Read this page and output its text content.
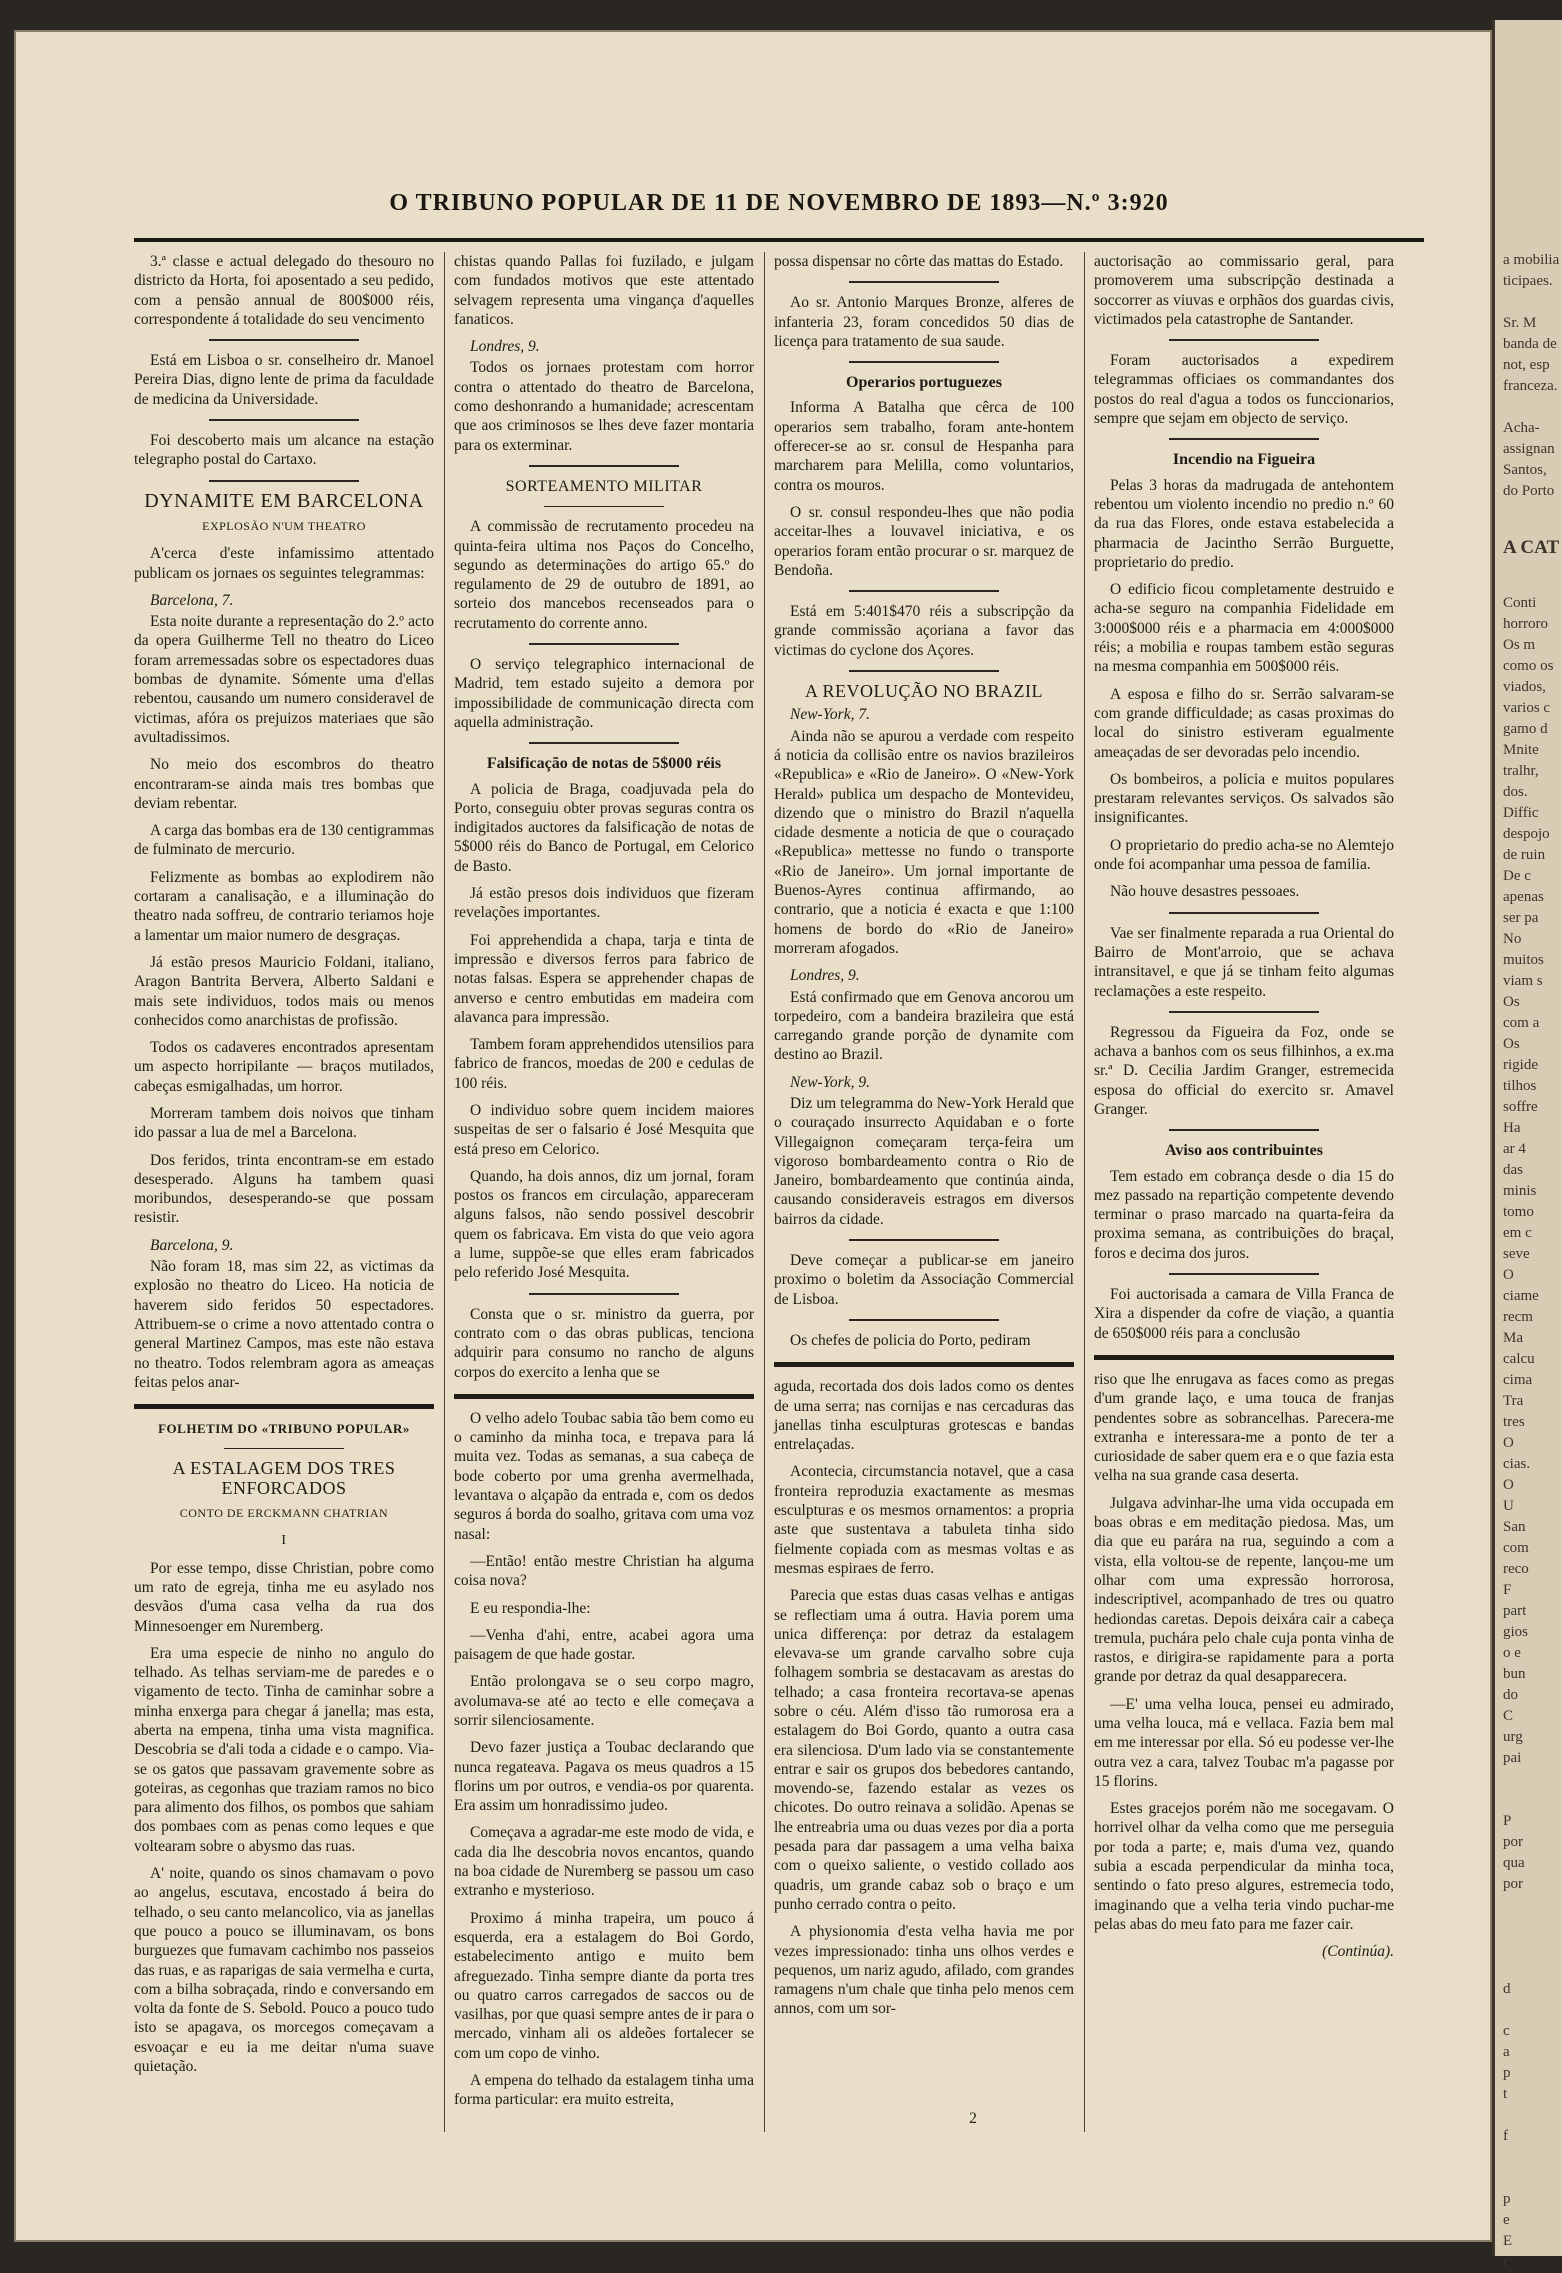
O TRIBUNO POPULAR DE 11 DE NOVEMBRO DE 1893—N.º 3:920

3.ª classe e actual delegado do thesouro no districto da Horta, foi aposentado a seu pedido, com a pensão annual de 800$000 réis, correspondente á totalidade do seu vencimento

Está em Lisboa o sr. conselheiro dr. Manoel Pereira Dias, digno lente de prima da faculdade de medicina da Universidade.

Foi descoberto mais um alcance na estação telegrapho postal do Cartaxo.

DYNAMITE EM BARCELONA
EXPLOSÃO N'UM THEATRO

A'cerca d'este infamissimo attentado publicam os jornaes os seguintes telegrammas:

Barcelona, 7.

Esta noite durante a representação do 2.º acto da opera Guilherme Tell no theatro do Liceo foram arremessadas sobre os espectadores duas bombas de dynamite. Sómente uma d'ellas rebentou, causando um numero consideravel de victimas, afóra os prejuizos materiaes que são avultadissimos.

No meio dos escombros do theatro encontraram-se ainda mais tres bombas que deviam rebentar.

A carga das bombas era de 130 centigrammas de fulminato de mercurio.

Felizmente as bombas ao explodirem não cortaram a canalisação, e a illuminação do theatro nada soffreu, de contrario teriamos hoje a lamentar um maior numero de desgraças.

Já estão presos Mauricio Foldani, italiano, Aragon Bantrita Bervera, Alberto Saldani e mais sete individuos, todos mais ou menos conhecidos como anarchistas de profissão.

Todos os cadaveres encontrados apresentam um aspecto horripilante — braços mutilados, cabeças esmigalhadas, um horror.

Morreram tambem dois noivos que tinham ido passar a lua de mel a Barcelona.

Dos feridos, trinta encontram-se em estado desesperado. Alguns ha tambem quasi moribundos, desesperando-se que possam resistir.

Barcelona, 9.

Não foram 18, mas sim 22, as victimas da explosão no theatro do Liceo. Ha noticia de haverem sido feridos 50 espectadores. Attribuem-se o crime a novo attentado contra o general Martinez Campos, mas este não estava no theatro. Todos relembram agora as ameaças feitas pelos anar-

FOLHETIM DO «TRIBUNO POPULAR»
A ESTALAGEM DOS TRES ENFORCADOS
CONTO DE ERCKMANN CHATRIAN
I

Por esse tempo, disse Christian, pobre como um rato de egreja, tinha me eu asylado nos desvãos d'uma casa velha da rua dos Minnesoenger em Nuremberg.

Era uma especie de ninho no angulo do telhado. As telhas serviam-me de paredes e o vigamento de tecto. Tinha de caminhar sobre a minha enxerga para chegar á janella; mas esta, aberta na empena, tinha uma vista magnifica. Descobria se d'ali toda a cidade e o campo. Via-se os gatos que passavam gravemente sobre as goteiras, as cegonhas que traziam ramos no bico para alimento dos filhos, os pombos que sahiam dos pombaes com as penas como leques e que voltearam sobre o abysmo das ruas.

A' noite, quando os sinos chamavam o povo ao angelus, escutava, encostado á beira do telhado, o seu canto melancolico, via as janellas que pouco a pouco se illuminavam, os bons burguezes que fumavam cachimbo nos passeios das ruas, e as raparigas de saia vermelha e curta, com a bilha sobraçada, rindo e conversando em volta da fonte de S. Sebold. Pouco a pouco tudo isto se apagava, os morcegos começavam a esvoaçar e eu ia me deitar n'uma suave quietação.

chistas quando Pallas foi fuzilado, e julgam com fundados motivos que este attentado selvagem representa uma vingança d'aquelles fanaticos.

Londres, 9.

Todos os jornaes protestam com horror contra o attentado do theatro de Barcelona, como deshonrando a humanidade; acrescentam que aos criminosos se lhes deve fazer montaria para os exterminar.

SORTEAMENTO MILITAR

A commissão de recrutamento procedeu na quinta-feira ultima nos Paços do Concelho, segundo as determinações do artigo 65.º do regulamento de 29 de outubro de 1891, ao sorteio dos mancebos recenseados para o recrutamento do corrente anno.

O serviço telegraphico internacional de Madrid, tem estado sujeito a demora por impossibilidade de communicação directa com aquella administração.

Falsificação de notas de 5$000 réis

A policia de Braga, coadjuvada pela do Porto, conseguiu obter provas seguras contra os indigitados auctores da falsificação de notas de 5$000 réis do Banco de Portugal, em Celorico de Basto.

Já estão presos dois individuos que fizeram revelações importantes.

Foi apprehendida a chapa, tarja e tinta de impressão e diversos ferros para fabrico de notas falsas. Espera se apprehender chapas de anverso e centro embutidas em madeira com alavanca para impressão.

Tambem foram apprehendidos utensilios para fabrico de francos, moedas de 200 e cedulas de 100 réis.

O individuo sobre quem incidem maiores suspeitas de ser o falsario é José Mesquita que está preso em Celorico.

Quando, ha dois annos, diz um jornal, foram postos os francos em circulação, appareceram alguns falsos, não sendo possivel descobrir quem os fabricava. Em vista do que veio agora a lume, suppõe-se que elles eram fabricados pelo referido José Mesquita.

Consta que o sr. ministro da guerra, por contrato com o das obras publicas, tenciona adquirir para consumo no rancho de alguns corpos do exercito a lenha que se

O velho adelo Toubac sabia tão bem como eu o caminho da minha toca, e trepava para lá muita vez. Todas as semanas, a sua cabeça de bode coberto por uma grenha avermelhada, levantava o alçapão da entrada e, com os dedos seguros á borda do soalho, gritava com uma voz nasal:

—Então! então mestre Christian ha alguma coisa nova?

E eu respondia-lhe:

—Venha d'ahi, entre, acabei agora uma paisagem de que hade gostar.

Então prolongava se o seu corpo magro, avolumava-se até ao tecto e elle começava a sorrir silenciosamente.

Devo fazer justiça a Toubac declarando que nunca regateava. Pagava os meus quadros a 15 florins um por outros, e vendia-os por quarenta. Era assim um honradissimo judeo.

Começava a agradar-me este modo de vida, e cada dia lhe descobria novos encantos, quando na boa cidade de Nuremberg se passou um caso extranho e mysterioso.

Proximo á minha trapeira, um pouco á esquerda, era a estalagem do Boi Gordo, estabelecimento antigo e muito bem afreguezado. Tinha sempre diante da porta tres ou quatro carros carregados de saccos ou de vasilhas, por que quasi sempre antes de ir para o mercado, vinham ali os aldeões fortalecer se com um copo de vinho.

A empena do telhado da estalagem tinha uma forma particular: era muito estreita,

possa dispensar no côrte das mattas do Estado.

Ao sr. Antonio Marques Bronze, alferes de infanteria 23, foram concedidos 50 dias de licença para tratamento de sua saude.

Operarios portuguezes

Informa A Batalha que cêrca de 100 operarios sem trabalho, foram ante-hontem offerecer-se ao sr. consul de Hespanha para marcharem para Melilla, como voluntarios, contra os mouros.

O sr. consul respondeu-lhes que não podia acceitar-lhes a louvavel iniciativa, e os operarios foram então procurar o sr. marquez de Bendoña.

Está em 5:401$470 réis a subscripção da grande commissão açoriana a favor das victimas do cyclone dos Açores.

A REVOLUÇÃO NO BRAZIL

New-York, 7.

Ainda não se apurou a verdade com respeito á noticia da collisão entre os navios brazileiros «Republica» e «Rio de Janeiro». O «New-York Herald» publica um despacho de Montevideu, dizendo que o ministro do Brazil n'aquella cidade desmente a noticia de que o couraçado «Republica» mettesse no fundo o transporte «Rio de Janeiro». Um jornal importante de Buenos-Ayres continua affirmando, ao contrario, que a noticia é exacta e que 1:100 homens de bordo do «Rio de Janeiro» morreram afogados.

Londres, 9.

Está confirmado que em Genova ancorou um torpedeiro, com a bandeira brazileira que está carregando grande porção de dynamite com destino ao Brazil.

New-York, 9.

Diz um telegramma do New-York Herald que o couraçado insurrecto Aquidaban e o forte Villegaignon começaram terça-feira um vigoroso bombardeamento contra o Rio de Janeiro, bombardeamento que continúa ainda, causando consideraveis estragos em diversos bairros da cidade.

Deve começar a publicar-se em janeiro proximo o boletim da Associação Commercial de Lisboa.

Os chefes de policia do Porto, pediram

aguda, recortada dos dois lados como os dentes de uma serra; nas cornijas e nas cercaduras das janellas tinha esculpturas grotescas e bandas entrelaçadas.

Acontecia, circumstancia notavel, que a casa fronteira reproduzia exactamente as mesmas esculpturas e os mesmos ornamentos: a propria aste que sustentava a tabuleta tinha sido fielmente copiada com as mesmas voltas e as mesmas espiraes de ferro.

Parecia que estas duas casas velhas e antigas se reflectiam uma á outra. Havia porem uma unica differença: por detraz da estalagem elevava-se um grande carvalho sobre cuja folhagem sombria se destacavam as arestas do telhado; a casa fronteira recortava-se apenas sobre o céu. Além d'isso tão rumorosa era a estalagem do Boi Gordo, quanto a outra casa era silenciosa. D'um lado via se constantemente entrar e sair os grupos dos bebedores cantando, movendo-se, fazendo estalar as vezes os chicotes. Do outro reinava a solidão. Apenas se lhe entreabria uma ou duas vezes por dia a porta pesada para dar passagem a uma velha baixa com o queixo saliente, o vestido collado aos quadris, um grande cabaz sob o braço e um punho cerrado contra o peito.

A physionomia d'esta velha havia me por vezes impressionado: tinha uns olhos verdes e pequenos, um nariz agudo, afilado, com grandes ramagens n'um chale que tinha pelo menos cem annos, com um sor-

auctorisação ao commissario geral, para promoverem uma subscripção destinada a soccorrer as viuvas e orphãos dos guardas civis, victimados pela catastrophe de Santander.

Foram auctorisados a expedirem telegrammas officiaes os commandantes dos postos do real d'agua a todos os funccionarios, sempre que sejam em objecto de serviço.

Incendio na Figueira

Pelas 3 horas da madrugada de antehontem rebentou um violento incendio no predio n.º 60 da rua das Flores, onde estava estabelecida a pharmacia de Jacintho Serrão Burguette, proprietario do predio.

O edificio ficou completamente destruido e acha-se seguro na companhia Fidelidade em 3:000$000 réis e a pharmacia em 4:000$000 réis; a mobilia e roupas tambem estão seguras na mesma companhia em 500$000 réis.

A esposa e filho do sr. Serrão salvaram-se com grande difficuldade; as casas proximas do local do sinistro estiveram egualmente ameaçadas de ser devoradas pelo incendio.

Os bombeiros, a policia e muitos populares prestaram relevantes serviços. Os salvados são insignificantes.

O proprietario do predio acha-se no Alemtejo onde foi acompanhar uma pessoa de familia.

Não houve desastres pessoaes.

Vae ser finalmente reparada a rua Oriental do Bairro de Mont'arroio, que se achava intransitavel, e que já se tinham feito algumas reclamações a este respeito.

Regressou da Figueira da Foz, onde se achava a banhos com os seus filhinhos, a ex.ma sr.ª D. Cecilia Jardim Granger, estremecida esposa do official do exercito sr. Amavel Granger.

Aviso aos contribuintes

Tem estado em cobrança desde o dia 15 do mez passado na repartição competente devendo terminar o praso marcado na quarta-feira da proxima semana, as contribuições do braçal, foros e decima dos juros.

Foi auctorisada a camara de Villa Franca de Xira a dispender da cofre de viação, a quantia de 650$000 réis para a conclusão

riso que lhe enrugava as faces como as pregas d'um grande laço, e uma touca de franjas pendentes sobre as sobrancelhas. Parecera-me extranha e interessara-me a ponto de ter a curiosidade de saber quem era e o que fazia esta velha na sua grande casa deserta.

Julgava advinhar-lhe uma vida occupada em boas obras e em meditação piedosa. Mas, um dia que eu parára na rua, seguindo a com a vista, ella voltou-se de repente, lançou-me um olhar com uma expressão horrorosa, indescriptivel, acompanhado de tres ou quatro hediondas caretas. Depois deixára cair a cabeça tremula, puchára pelo chale cuja ponta vinha de rastos, e dirigira-se rapidamente para a porta grande por detraz da qual desapparecera.

—E' uma velha louca, pensei eu admirado, uma velha louca, má e vellaca. Fazia bem mal em me interessar por ella. Só eu podesse ver-lhe outra vez a cara, talvez Toubac m'a pagasse por 15 florins.

Estes gracejos porém não me socegavam. O horrivel olhar da velha como que me perseguia por toda a parte; e, mais d'uma vez, quando subia a escada perpendicular da minha toca, sentindo o fato preso algures, estremecia todo, imaginando que a velha teria vindo puchar-me pelas abas do meu fato para me fazer cair.

(Continúa).

2

a mobilia

ticipaes.

Sr. M

banda de

not, esp

franceza.

Acha-

assignan

Santos,

do Porto

A CAT

Conti

horroro

Os m

como os

viados,

varios c

gamo d

Mnite

tralhr,

dos.

Diffic

despojo

de ruin

De c

apenas

ser pa

No

muitos

viam s

Os

com a

Os

rigide

tilhos

soffre

Ha

ar 4

das

minis

tomo

em c

seve

O

ciame

recm

Ma

calcu

cima

Tra

tres

O

cias.

O

U

San

com

reco

F

part

gios

o e

bun

do

C

urg

pai

P

por

qua

por

d

c

a

p

t

f

p

e

E

r
